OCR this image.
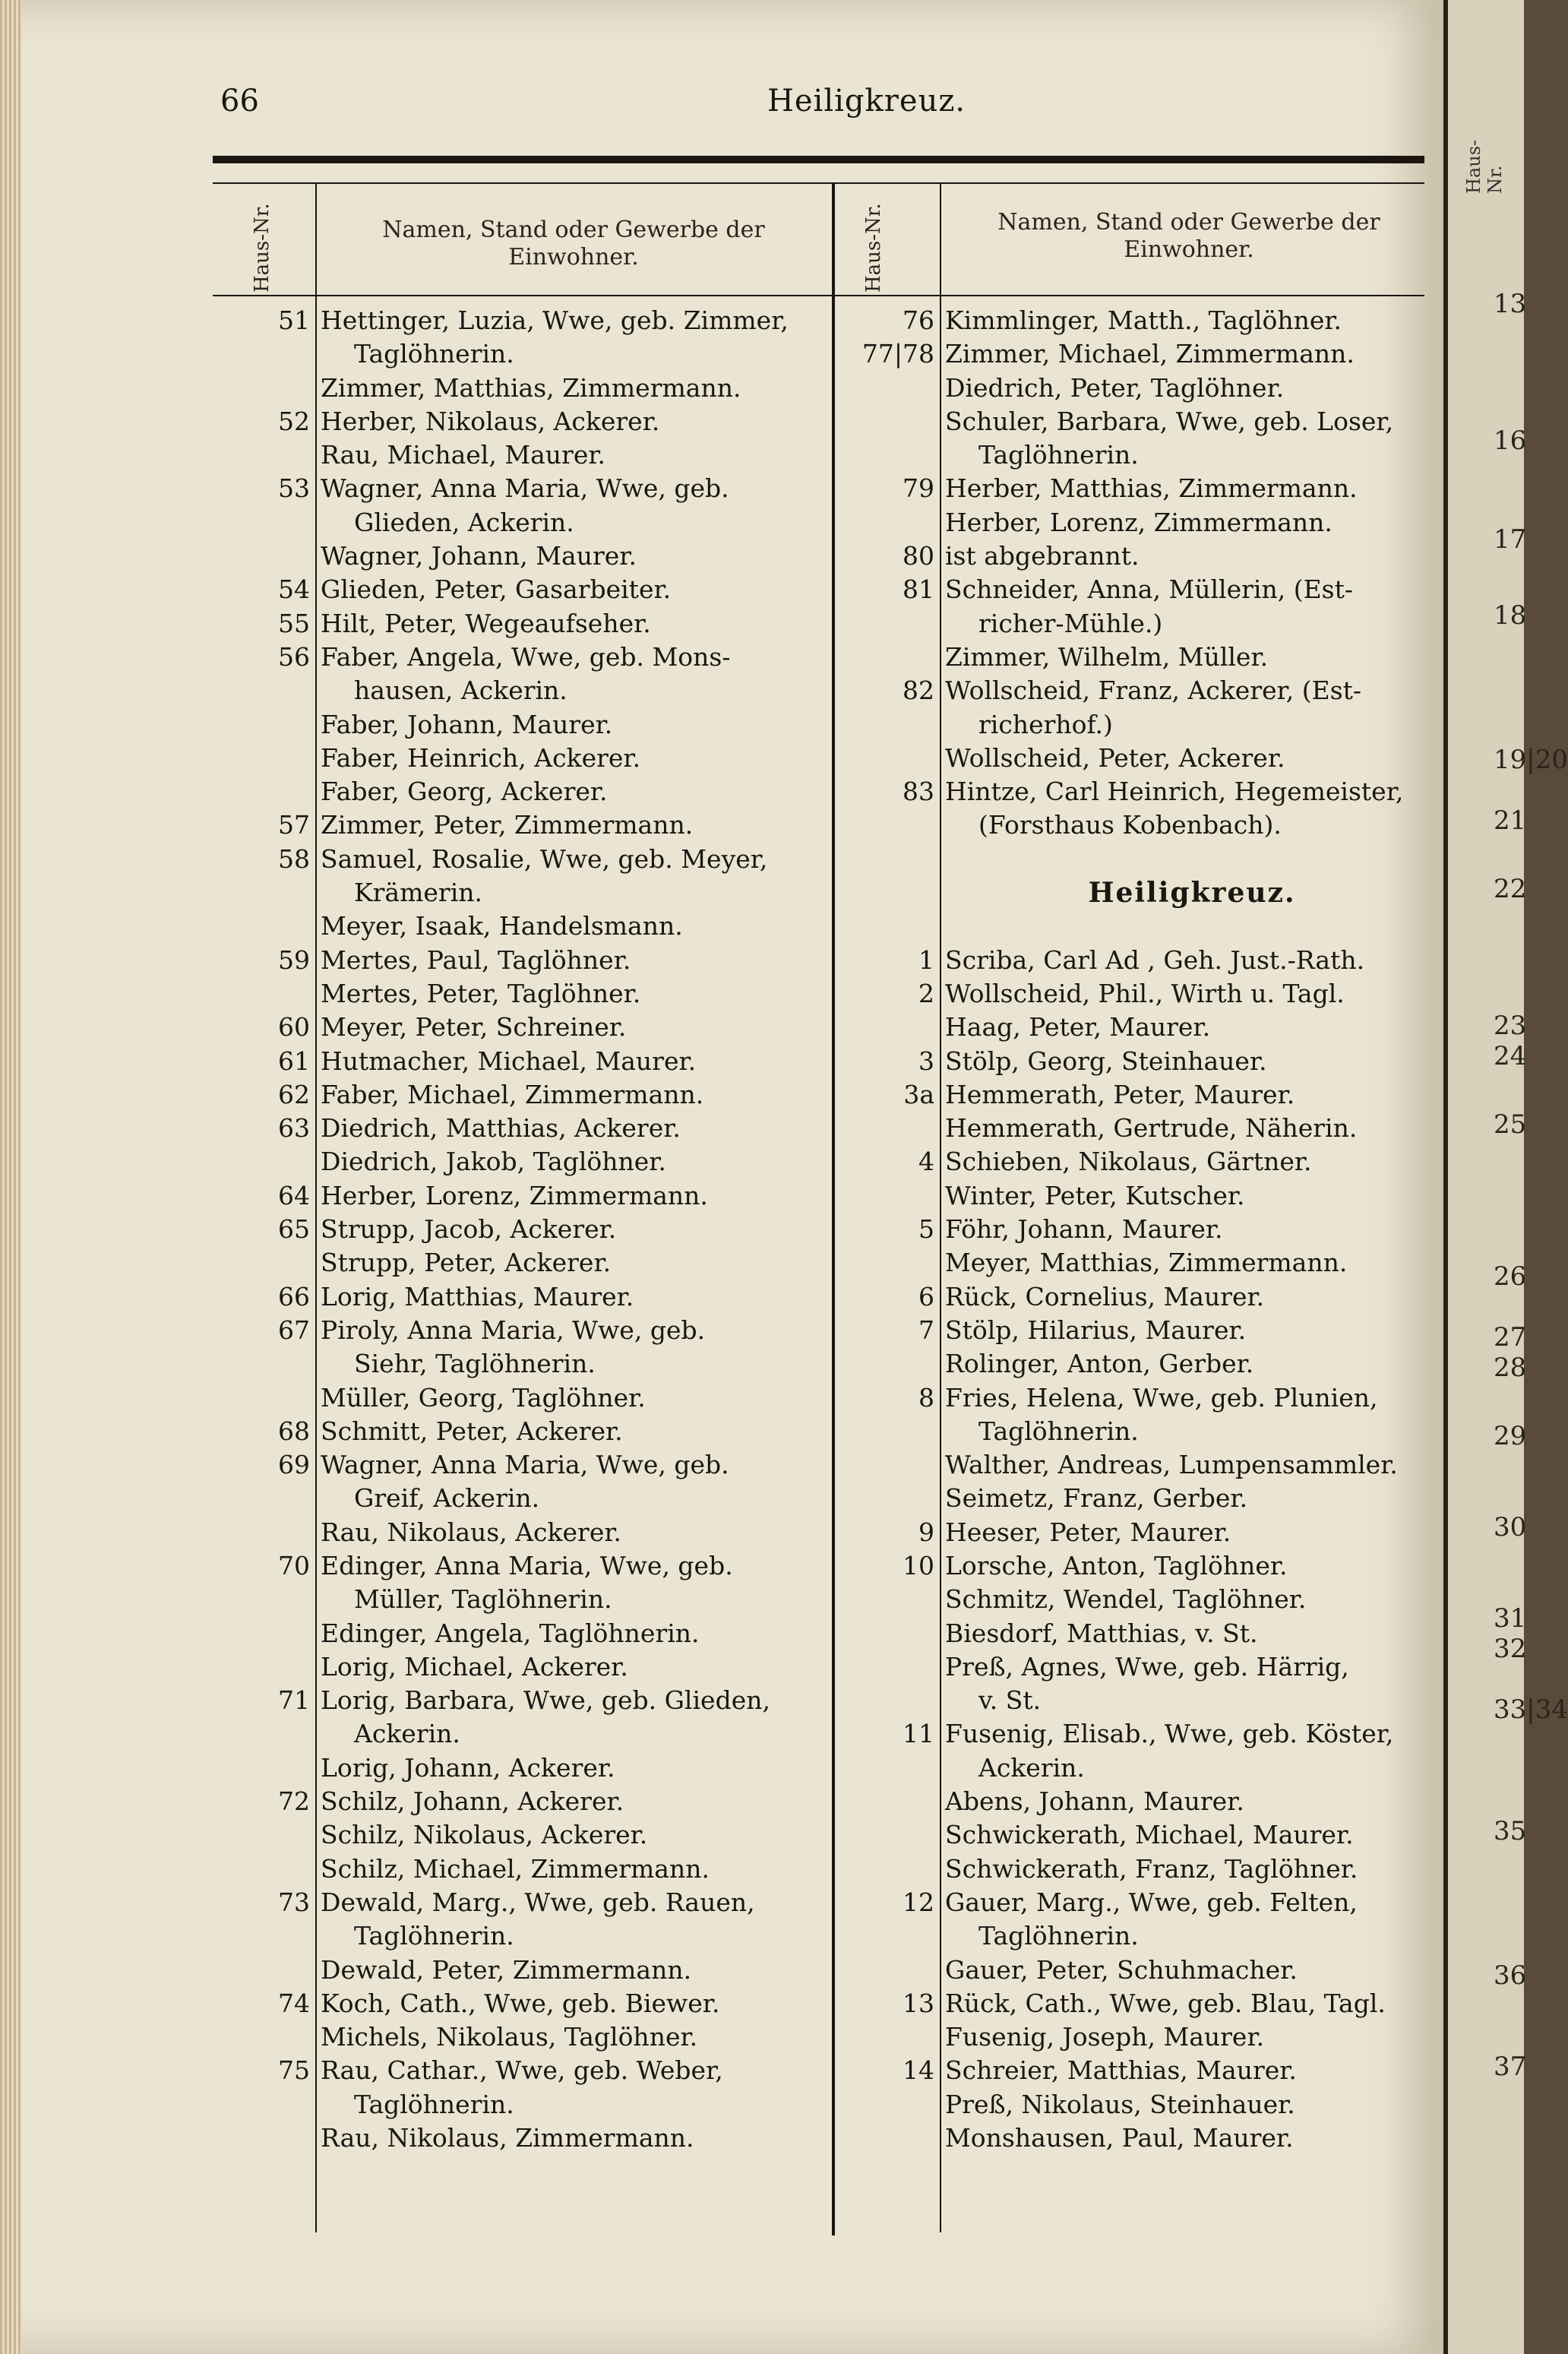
66	Heiligkreuz.
Haus-Nr.	Namen, Stand oder Gewerbe der Einwohner.	Haus-Nr.	Namen, Stand oder Gewerbe der Einwohner.
51 Hettinger, Luzia, Wwe, geb. Zimmer,
Taglöhnerin.
Zimmer, Matthias, Zimmermann.
52 Herber, Nikolaus, Ackerer.
Rau, Michael, Maurer.
53 Wagner, Anna Maria, Wwe, geb.
Glieden, Ackerin.
Wagner, Johann, Maurer.
54 Glieden, Peter, Gasarbeiter.
55 Hilt, Peter, Wegeaufseher.
56 Faber, Angela, Wwe, geb. Mons-
hausen, Ackerin.
Faber, Johann, Maurer.
Faber, Heinrich, Ackerer.
Faber, Georg, Ackerer.
57 Zimmer, Peter, Zimmermann.
58 Samuel, Rosalie, Wwe, geb. Meyer,
Krämerin.
Meyer, Isaak, Handelsmann.
59 Mertes, Paul, Taglöhner.
Mertes, Peter, Taglöhner.
60 Meyer, Peter, Schreiner.
61 Hutmacher, Michael, Maurer.
62 Faber, Michael, Zimmermann.
63 Diedrich, Matthias, Ackerer.
Diedrich, Jakob, Taglöhner.
64 Herber, Lorenz, Zimmermann.
65 Strupp, Jacob, Ackerer.
Strupp, Peter, Ackerer.
66 Lorig, Matthias, Maurer.
67 Piroly, Anna Maria, Wwe, geb.
Siehr, Taglöhnerin.
Müller, Georg, Taglöhner.
68 Schmitt, Peter, Ackerer.
69 Wagner, Anna Maria, Wwe, geb.
Greif, Ackerin.
Rau, Nikolaus, Ackerer.
70 Edinger, Anna Maria, Wwe, geb.
Müller, Taglöhnerin.
Edinger, Angela, Taglöhnerin.
Lorig, Michael, Ackerer.
71 Lorig, Barbara, Wwe, geb. Glieden,
Ackerin.
Lorig, Johann, Ackerer.
72 Schilz, Johann, Ackerer.
Schilz, Nikolaus, Ackerer.
Schilz, Michael, Zimmermann.
73 Dewald, Marg., Wwe, geb. Rauen,
Taglöhnerin.
Dewald, Peter, Zimmermann.
74 Koch, Cath., Wwe, geb. Biewer.
Michels, Nikolaus, Taglöhner.
75 Rau, Cathar., Wwe, geb. Weber,
Taglöhnerin.
Rau, Nikolaus, Zimmermann.
76 Kimmlinger, Matth., Taglöhner.
77|78 Zimmer, Michael, Zimmermann.
Diedrich, Peter, Taglöhner.
Schuler, Barbara, Wwe, geb. Loser,
Taglöhnerin.
79 Herber, Matthias, Zimmermann.
Herber, Lorenz, Zimmermann.
80 ist abgebrannt.
81 Schneider, Anna, Müllerin, (Est-
richer-Mühle.)
Zimmer, Wilhelm, Müller.
82 Wollscheid, Franz, Ackerer, (Est-
richerhof.)
Wollscheid, Peter, Ackerer.
83 Hintze, Carl Heinrich, Hegemeister,
(Forsthaus Kobenbach).
Heiligkreuz.
1 Scriba, Carl Ad , Geh. Just.-Rath.
2 Wollscheid, Phil., Wirth u. Tagl.
Haag, Peter, Maurer.
3 Stölp, Georg, Steinhauer.
3a Hemmerath, Peter, Maurer.
Hemmerath, Gertrude, Näherin.
4 Schieben, Nikolaus, Gärtner.
Winter, Peter, Kutscher.
5 Föhr, Johann, Maurer.
Meyer, Matthias, Zimmermann.
6 Rück, Cornelius, Maurer.
7 Stölp, Hilarius, Maurer.
Rolinger, Anton, Gerber.
8 Fries, Helena, Wwe, geb. Plunien,
Taglöhnerin.
Walther, Andreas, Lumpensammler.
Seimetz, Franz, Gerber.
9 Heeser, Peter, Maurer.
10 Lorsche, Anton, Taglöhner.
Schmitz, Wendel, Taglöhner.
Biesdorf, Matthias, v. St.
Preß, Agnes, Wwe, geb. Härrig,
v. St.
11 Fusenig, Elisab., Wwe, geb. Köster,
Ackerin.
Abens, Johann, Maurer.
Schwickerath, Michael, Maurer.
Schwickerath, Franz, Taglöhner.
12 Gauer, Marg., Wwe, geb. Felten,
Taglöhnerin.
Gauer, Peter, Schuhmacher.
13 Rück, Cath., Wwe, geb. Blau, Tagl.
Fusenig, Joseph, Maurer.
14 Schreier, Matthias, Maurer.
Preß, Nikolaus, Steinhauer.
Monshausen, Paul, Maurer.
Haus-Nr.
13
16
17
18
19|20
21
22
23
24
25
26
27
28
29
30
31
32
33|34
35
36
37
